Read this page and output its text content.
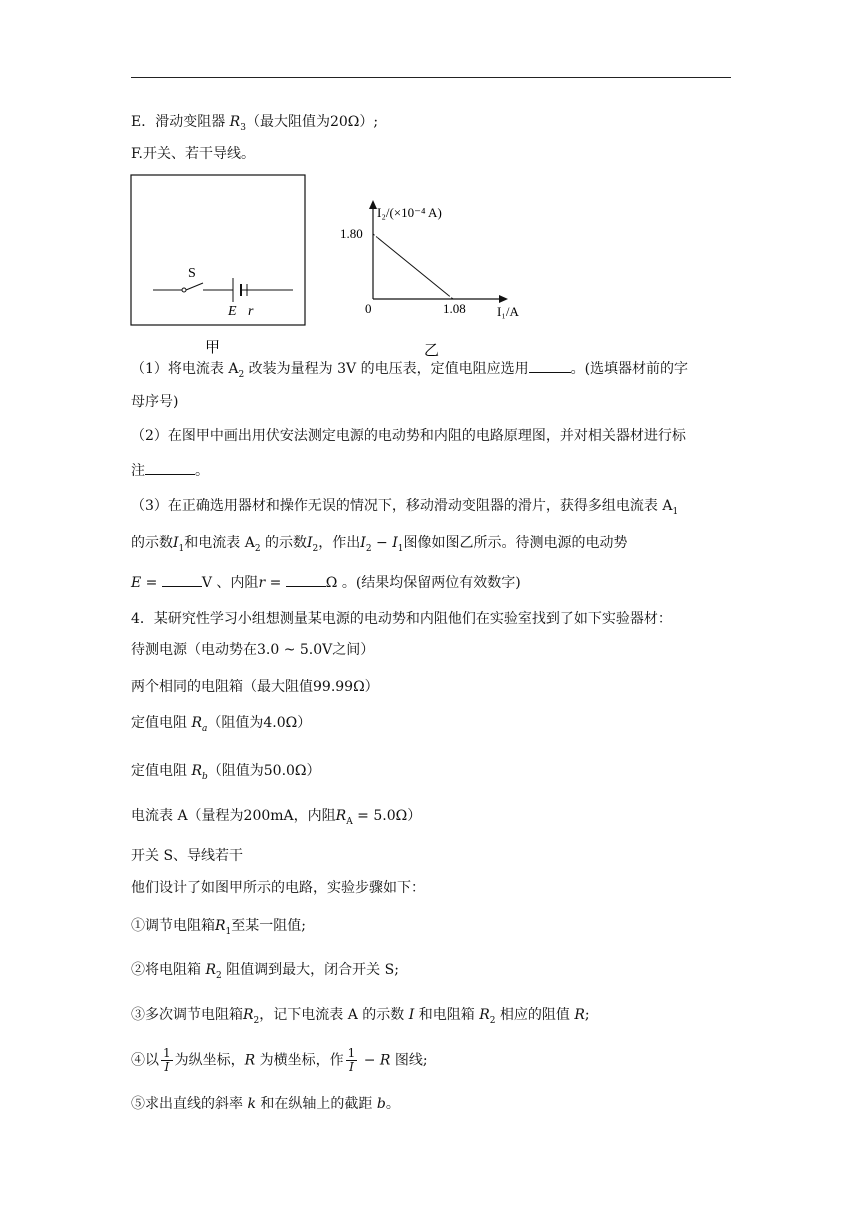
E．滑动变阻器 $R_3$（最大阻值为20Ω）;
F.开关、若干导线。
S
E r
甲
I₂/(×10⁻⁴ A)
1.80
0	1.08 I₁/A
乙
（1）将电流表 $A_2$ 改装为量程为 3V 的电压表，定值电阻应选用	。(选填器材前的字
母序号)
（2）在图甲中画出用伏安法测定电源的电动势和内阻的电路原理图，并对相关器材进行标
注	。
（3）在正确选用器材和操作无误的情况下，移动滑动变阻器的滑片，获得多组电流表 $A_1$
的示数$I_1$和电流表 $A_2$ 的示数$I_2$，作出$I_2 - I_1$图像如图乙所示。待测电源的电动势
E =	V 、内阻r =	Ω 。(结果均保留两位有效数字)
4．某研究性学习小组想测量某电源的电动势和内阻他们在实验室找到了如下实验器材：
待测电源（电动势在3.0 ~ 5.0V之间）
两个相同的电阻箱（最大阻值99.99Ω）
定值电阻 $R_a$（阻值为4.0Ω）
定值电阻 $R_b$（阻值为50.0Ω）
电流表 A（量程为200mA，内阻$R_A = 5.0\Omega$）
开关 S、导线若干
他们设计了如图甲所示的电路，实验步骤如下：
①调节电阻箱$R_1$至某一阻值;
②将电阻箱 $R_2$ 阻值调到最大，闭合开关 S;
③多次调节电阻箱$R_2$，记下电流表 A 的示数 I 和电阻箱 $R_2$ 相应的阻值 R;
④以 $\frac{1}{I}$ 为纵坐标，R 为横坐标，作 $\frac{1}{I} - R$ 图线;
⑤求出直线的斜率 k 和在纵轴上的截距 b。
